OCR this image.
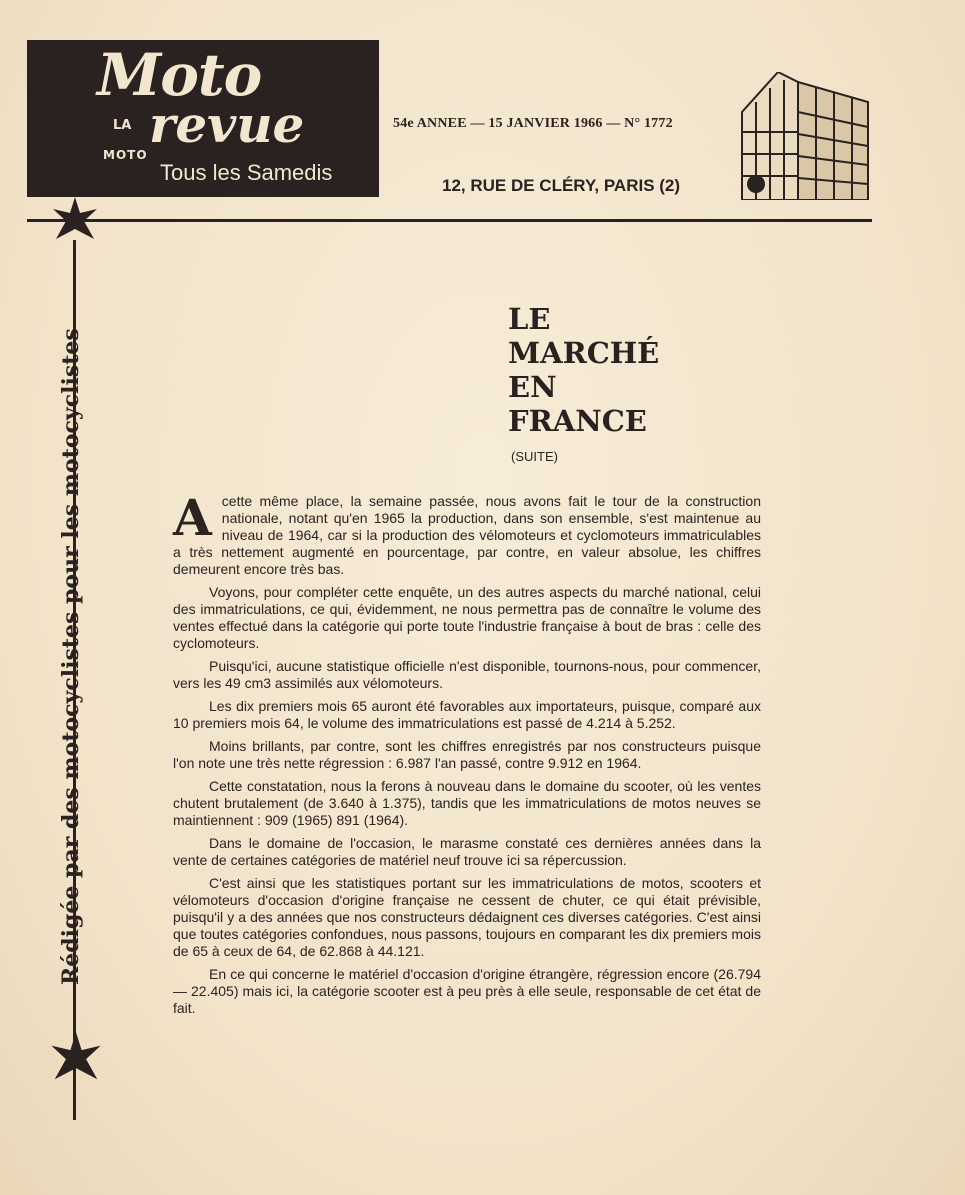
Moto
LA
MOTO
revue
Tous les Samedis
54e ANNEE — 15 JANVIER 1966 — N° 1772
12, RUE DE CLÉRY, PARIS (2)
Rédigée par des motocyclistes pour les motocyclistes
LE
MARCHÉ
EN
FRANCE
(SUITE)

Acette même place, la semaine passée, nous avons fait le tour de la construction nationale, notant qu'en 1965 la production, dans son ensemble, s'est maintenue au niveau de 1964, car si la production des vélomoteurs et cyclomoteurs immatriculables a très nettement augmenté en pourcentage, par contre, en valeur absolue, les chiffres demeurent encore très bas.

Voyons, pour compléter cette enquête, un des autres aspects du marché national, celui des immatriculations, ce qui, évidemment, ne nous permettra pas de connaître le volume des ventes effectué dans la catégorie qui porte toute l'industrie française à bout de bras : celle des cyclomoteurs.

Puisqu'ici, aucune statistique officielle n'est disponible, tournons-nous, pour commencer, vers les 49 cm3 assimilés aux vélomoteurs.

Les dix premiers mois 65 auront été favorables aux importateurs, puisque, comparé aux 10 premiers mois 64, le volume des immatriculations est passé de 4.214 à 5.252.

Moins brillants, par contre, sont les chiffres enregistrés par nos constructeurs puisque l'on note une très nette régression : 6.987 l'an passé, contre 9.912 en 1964.

Cette constatation, nous la ferons à nouveau dans le domaine du scooter, où les ventes chutent brutalement (de 3.640 à 1.375), tandis que les immatriculations de motos neuves se maintiennent : 909 (1965) 891 (1964).

Dans le domaine de l'occasion, le marasme constaté ces dernières années dans la vente de certaines catégories de matériel neuf trouve ici sa répercussion.

C'est ainsi que les statistiques portant sur les immatriculations de motos, scooters et vélomoteurs d'occasion d'origine française ne cessent de chuter, ce qui était prévisible, puisqu'il y a des années que nos constructeurs dédaignent ces diverses catégories. C'est ainsi que toutes catégories confondues, nous passons, toujours en comparant les dix premiers mois de 65 à ceux de 64, de 62.868 à 44.121.

En ce qui concerne le matériel d'occasion d'origine étrangère, régression encore (26.794 — 22.405) mais ici, la catégorie scooter est à peu près à elle seule, responsable de cet état de fait.
